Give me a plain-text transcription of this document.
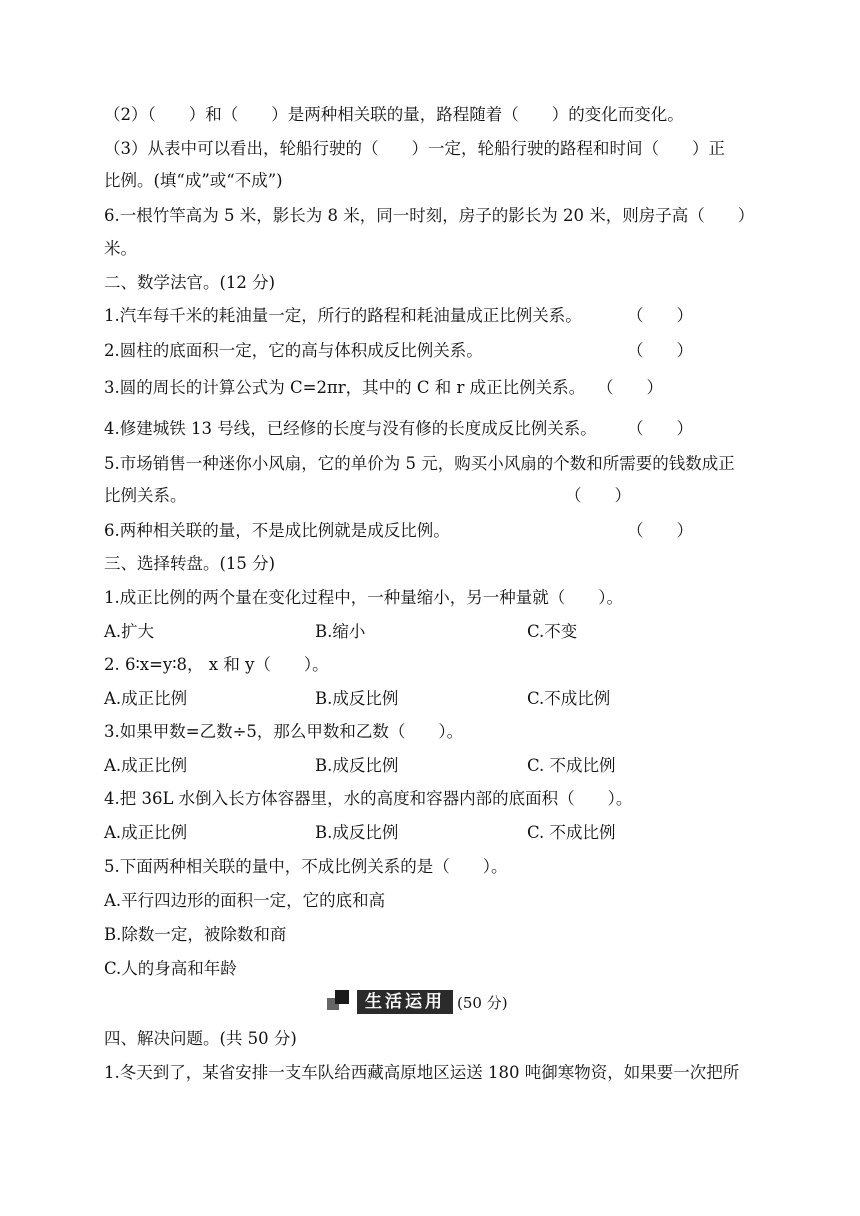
（2）（　　）和（　　）是两种相关联的量，路程随着（　　）的变化而变化。
（3）从表中可以看出，轮船行驶的（　　）一定，轮船行驶的路程和时间（　　）正
比例。(填“成”或“不成”)
6.一根竹竿高为 5 米，影长为 8 米，同一时刻，房子的影长为 20 米，则房子高（　　）
米。
二、数学法官。(12 分)
1.汽车每千米的耗油量一定，所行的路程和耗油量成正比例关系。	（　　）
2.圆柱的底面积一定，它的高与体积成反比例关系。	（　　）
3.圆的周长的计算公式为 C=2πr，其中的 C 和 r 成正比例关系。 （　　）
4.修建城铁 13 号线，已经修的长度与没有修的长度成反比例关系。 （　　）
5.市场销售一种迷你小风扇，它的单价为 5 元，购买小风扇的个数和所需要的钱数成正
比例关系。	（　　）
6.两种相关联的量，不是成比例就是成反比例。	（　　）
三、选择转盘。(15 分)
1.成正比例的两个量在变化过程中，一种量缩小，另一种量就（　　）。
A.扩大	B.缩小	C.不变
2. 6∶x=y∶8， x 和 y（　　）。
A.成正比例	B.成反比例	C.不成比例
3.如果甲数=乙数÷5，那么甲数和乙数（　　）。
A.成正比例	B.成反比例	C. 不成比例
4.把 36L 水倒入长方体容器里，水的高度和容器内部的底面积（　　）。
A.成正比例	B.成反比例	C. 不成比例
5.下面两种相关联的量中，不成比例关系的是（　　）。
A.平行四边形的面积一定，它的底和高
B.除数一定，被除数和商
C.人的身高和年龄
生活运用 (50 分)
四、解决问题。(共 50 分)
1.冬天到了，某省安排一支车队给西藏高原地区运送 180 吨御寒物资，如果要一次把所
